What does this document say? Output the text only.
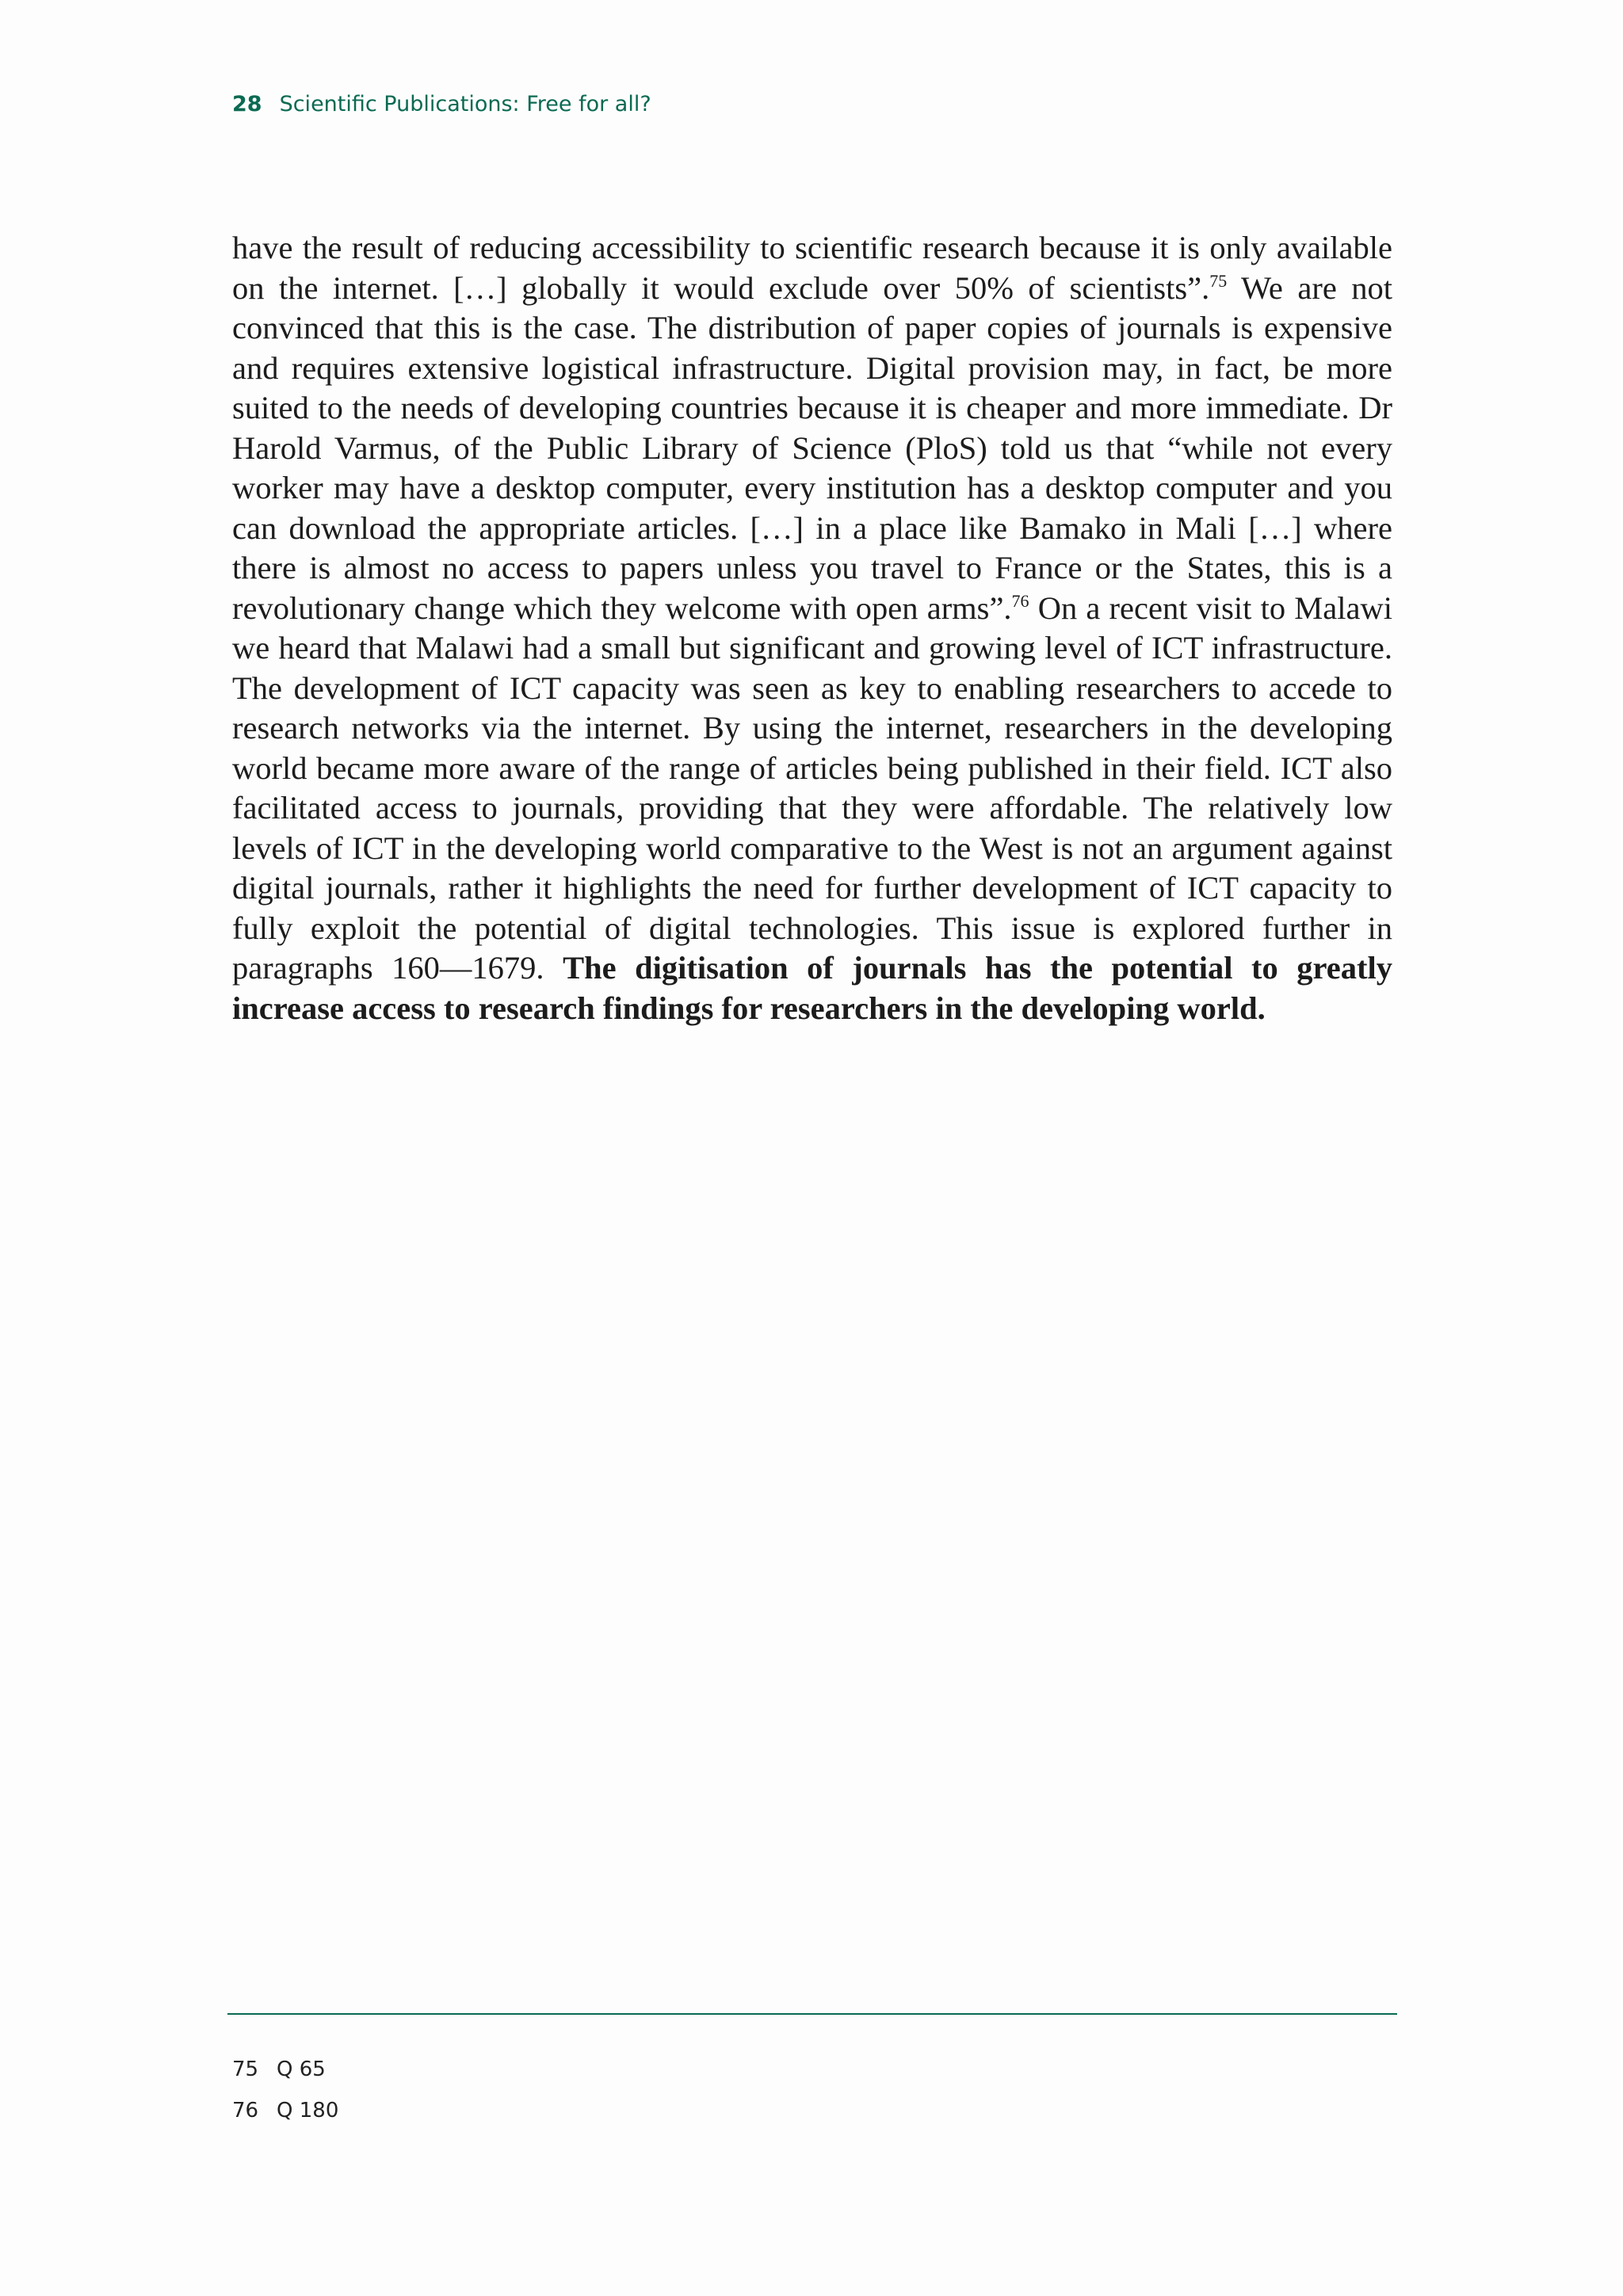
28 Scientific Publications: Free for all?

have the result of reducing accessibility to scientific research because it is only available on the internet. […] globally it would exclude over 50% of scientists”.$^{75}$ We are not convinced that this is the case. The distribution of paper copies of journals is expensive and requires extensive logistical infrastructure. Digital provision may, in fact, be more suited to the needs of developing countries because it is cheaper and more immediate. Dr Harold Varmus, of the Public Library of Science (PloS) told us that “while not every worker may have a desktop computer, every institution has a desktop computer and you can download the appropriate articles. […] in a place like Bamako in Mali […] where there is almost no access to papers unless you travel to France or the States, this is a revolutionary change which they welcome with open arms”.$^{76}$ On a recent visit to Malawi we heard that Malawi had a small but significant and growing level of ICT infrastructure. The development of ICT capacity was seen as key to enabling researchers to accede to research networks via the internet. By using the internet, researchers in the developing world became more aware of the range of articles being published in their field. ICT also facilitated access to journals, providing that they were affordable. The relatively low levels of ICT in the developing world comparative to the West is not an argument against digital journals, rather it highlights the need for further development of ICT capacity to fully exploit the potential of digital technologies. This issue is explored further in paragraphs 160—1679. The digitisation of journals has the potential to greatly increase access to research findings for researchers in the developing world.

75 Q 65
76 Q 180
